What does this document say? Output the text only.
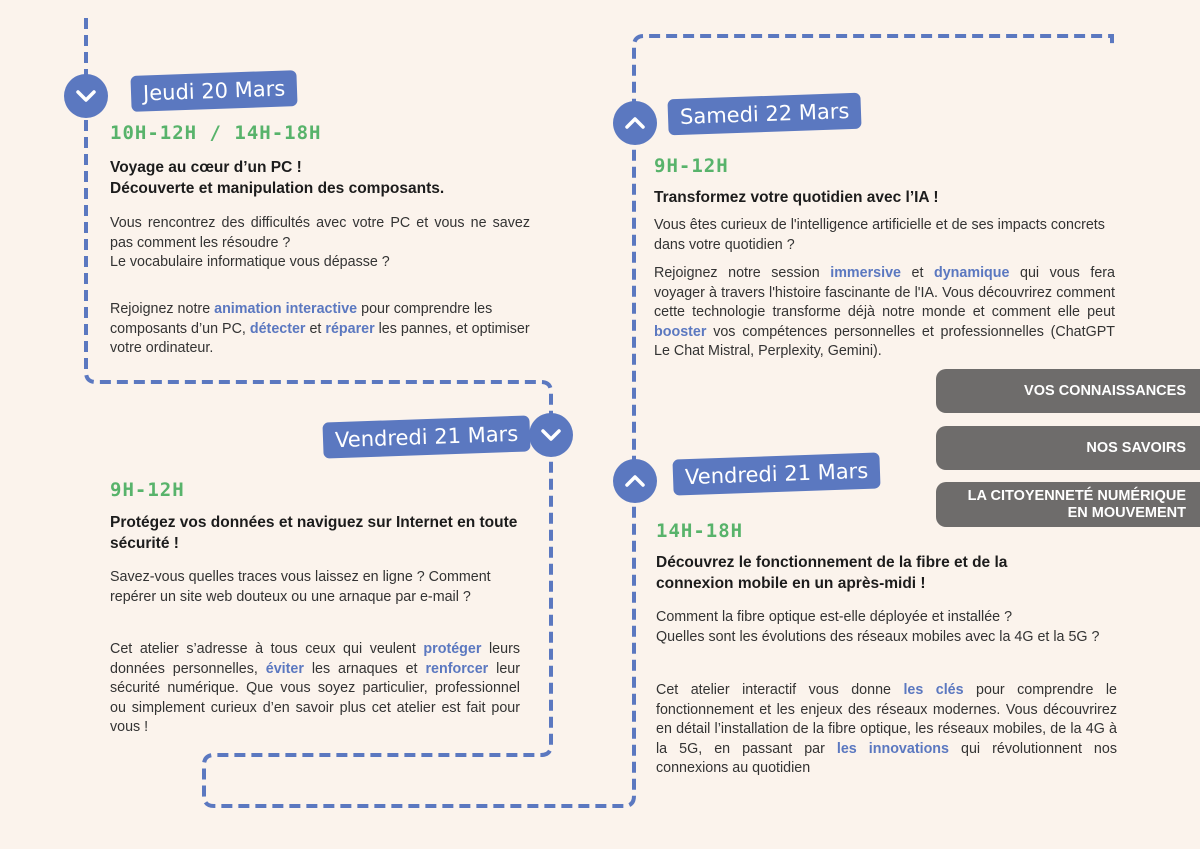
Jeudi 20 Mars
10H-12H / 14H-18H
Voyage au cœur d’un PC !
Découverte et manipulation des composants.
Vous rencontrez des difficultés avec votre PC et vous ne savez pas comment les résoudre ?
Le vocabulaire informatique vous dépasse ?
Rejoignez notre animation interactive pour comprendre les composants d’un PC, détecter et réparer les pannes, et optimiser votre ordinateur.
Vendredi 21 Mars
9H-12H
Protégez vos données et naviguez sur Internet en toute sécurité !
Savez-vous quelles traces vous laissez en ligne ? Comment repérer un site web douteux ou une arnaque par e-mail ?
Cet atelier s’adresse à tous ceux qui veulent protéger leurs données personnelles, éviter les arnaques et renforcer leur sécurité numérique. Que vous soyez particulier, professionnel ou simplement curieux d’en savoir plus cet atelier est fait pour vous !
Samedi 22 Mars
9H-12H
Transformez votre quotidien avec l’IA !
Vous êtes curieux de l'intelligence artificielle et de ses impacts concrets dans votre quotidien ?
Rejoignez notre session immersive et dynamique qui vous fera voyager à travers l'histoire fascinante de l'IA. Vous découvrirez comment cette technologie transforme déjà notre monde et comment elle peut booster vos compétences personnelles et professionnelles (ChatGPT Le Chat Mistral, Perplexity, Gemini).
VOS CONNAISSANCES
NOS SAVOIRS
LA CITOYENNETÉ NUMÉRIQUE
EN MOUVEMENT
Vendredi 21 Mars
14H-18H
Découvrez le fonctionnement de la fibre et de la connexion mobile en un après-midi !
Comment la fibre optique est-elle déployée et installée ?
Quelles sont les évolutions des réseaux mobiles avec la 4G et la 5G ?
Cet atelier interactif vous donne les clés pour comprendre le fonctionnement et les enjeux des réseaux modernes. Vous découvrirez en détail l’installation de la fibre optique, les réseaux mobiles, de la 4G à la 5G, en passant par les innovations qui révolutionnent nos connexions au quotidien
